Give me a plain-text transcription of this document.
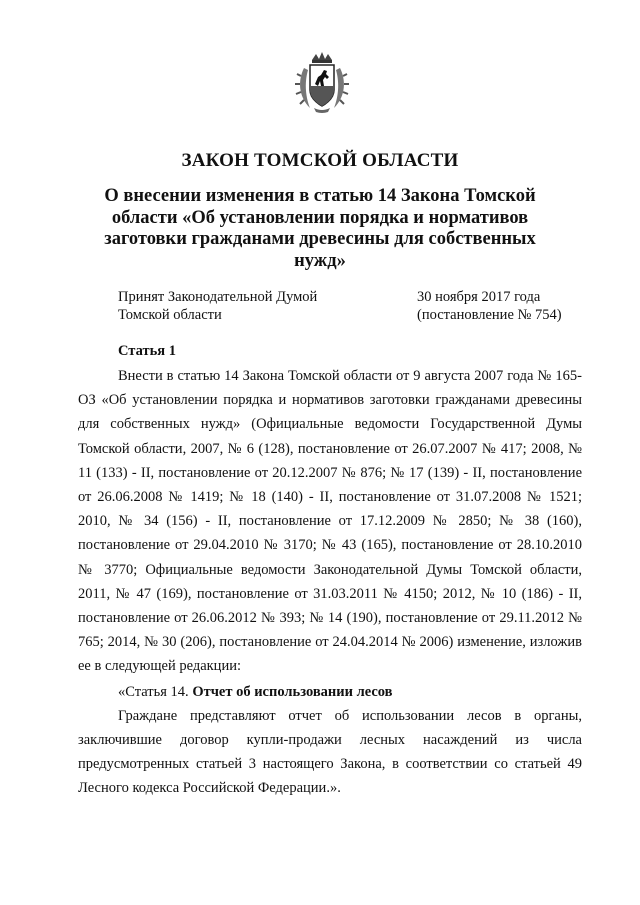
ЗАКОН ТОМСКОЙ ОБЛАСТИ
О внесении изменения в статью 14 Закона Томской области «Об установлении порядка и нормативов заготовки гражданами древесины для собственных нужд»
Принят Законодательной Думой
Томской области
30 ноября 2017 года
(постановление № 754)
Статья 1

Внести в статью 14 Закона Томской области от 9 августа 2007 года № 165-ОЗ «Об установлении порядка и нормативов заготовки гражданами древесины для собственных нужд» (Официальные ведомости Государственной Думы Томской области, 2007, № 6 (128), постановление от 26.07.2007 № 417; 2008, № 11 (133) - II, постановление от 20.12.2007 № 876; № 17 (139) - II, постановление от 26.06.2008 № 1419; № 18 (140) - II, постановление от 31.07.2008 № 1521; 2010, № 34 (156) - II, постановление от 17.12.2009 № 2850; № 38 (160), постановление от 29.04.2010 № 3170; № 43 (165), постановление от 28.10.2010 № 3770; Официальные ведомости Законодательной Думы Томской области, 2011, № 47 (169), постановление от 31.03.2011 № 4150; 2012, № 10 (186) - II, постановление от 26.06.2012 № 393; № 14 (190), постановление от 29.11.2012 № 765; 2014, № 30 (206), постановление от 24.04.2014 № 2006) изменение, изложив ее в следующей редакции:

«Статья 14. Отчет об использовании лесов

Граждане представляют отчет об использовании лесов в органы, заключившие договор купли-продажи лесных насаждений из числа предусмотренных статьей 3 настоящего Закона, в соответствии со статьей 49 Лесного кодекса Российской Федерации.».
